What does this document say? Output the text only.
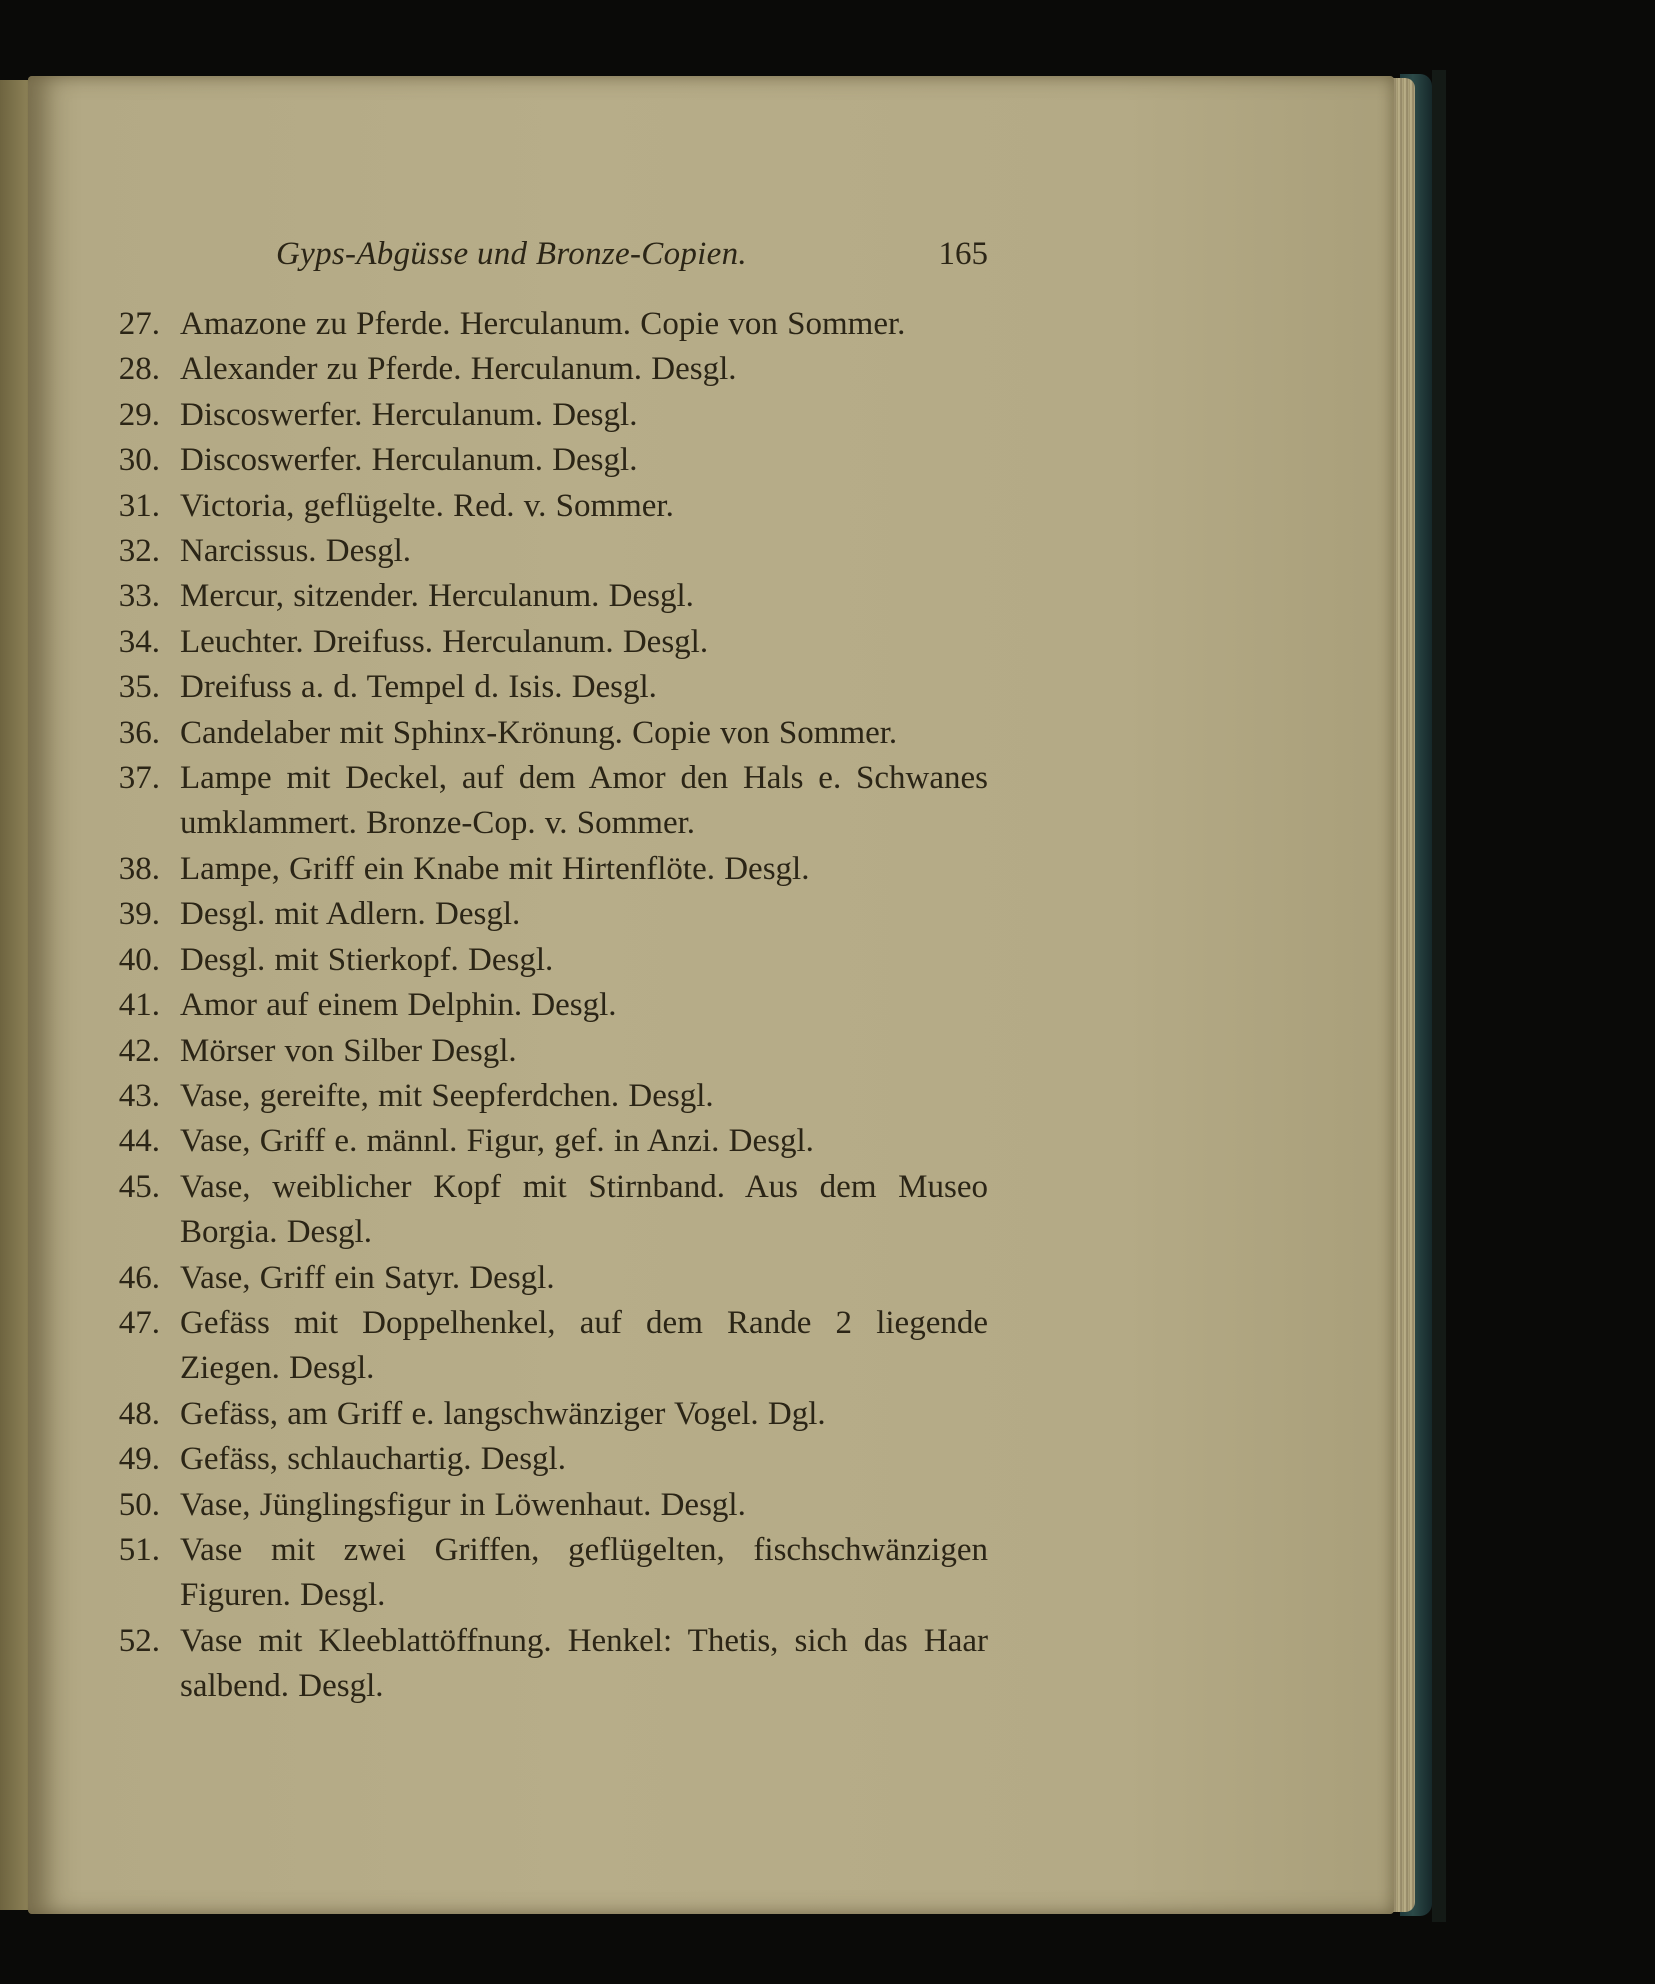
Gyps-Abgüsse und Bronze-Copien.	165
27. Amazone zu Pferde. Herculanum. Copie von Sommer.
28. Alexander zu Pferde. Herculanum. Desgl.
29. Discoswerfer. Herculanum. Desgl.
30. Discoswerfer. Herculanum. Desgl.
31. Victoria, geflügelte. Red. v. Sommer.
32. Narcissus. Desgl.
33. Mercur, sitzender. Herculanum. Desgl.
34. Leuchter. Dreifuss. Herculanum. Desgl.
35. Dreifuss a. d. Tempel d. Isis. Desgl.
36. Candelaber mit Sphinx-Krönung. Copie von Sommer.
37. Lampe mit Deckel, auf dem Amor den Hals e. Schwanes umklammert. Bronze-Cop. v. Sommer.
38. Lampe, Griff ein Knabe mit Hirtenflöte. Desgl.
39. Desgl. mit Adlern. Desgl.
40. Desgl. mit Stierkopf. Desgl.
41. Amor auf einem Delphin. Desgl.
42. Mörser von Silber Desgl.
43. Vase, gereifte, mit Seepferdchen. Desgl.
44. Vase, Griff e. männl. Figur, gef. in Anzi. Desgl.
45. Vase, weiblicher Kopf mit Stirnband. Aus dem Museo Borgia. Desgl.
46. Vase, Griff ein Satyr. Desgl.
47. Gefäss mit Doppelhenkel, auf dem Rande 2 liegende Ziegen. Desgl.
48. Gefäss, am Griff e. langschwänziger Vogel. Dgl.
49. Gefäss, schlauchartig. Desgl.
50. Vase, Jünglingsfigur in Löwenhaut. Desgl.
51. Vase mit zwei Griffen, geflügelten, fischschwänzigen Figuren. Desgl.
52. Vase mit Kleeblattöffnung. Henkel: Thetis, sich das Haar salbend. Desgl.
